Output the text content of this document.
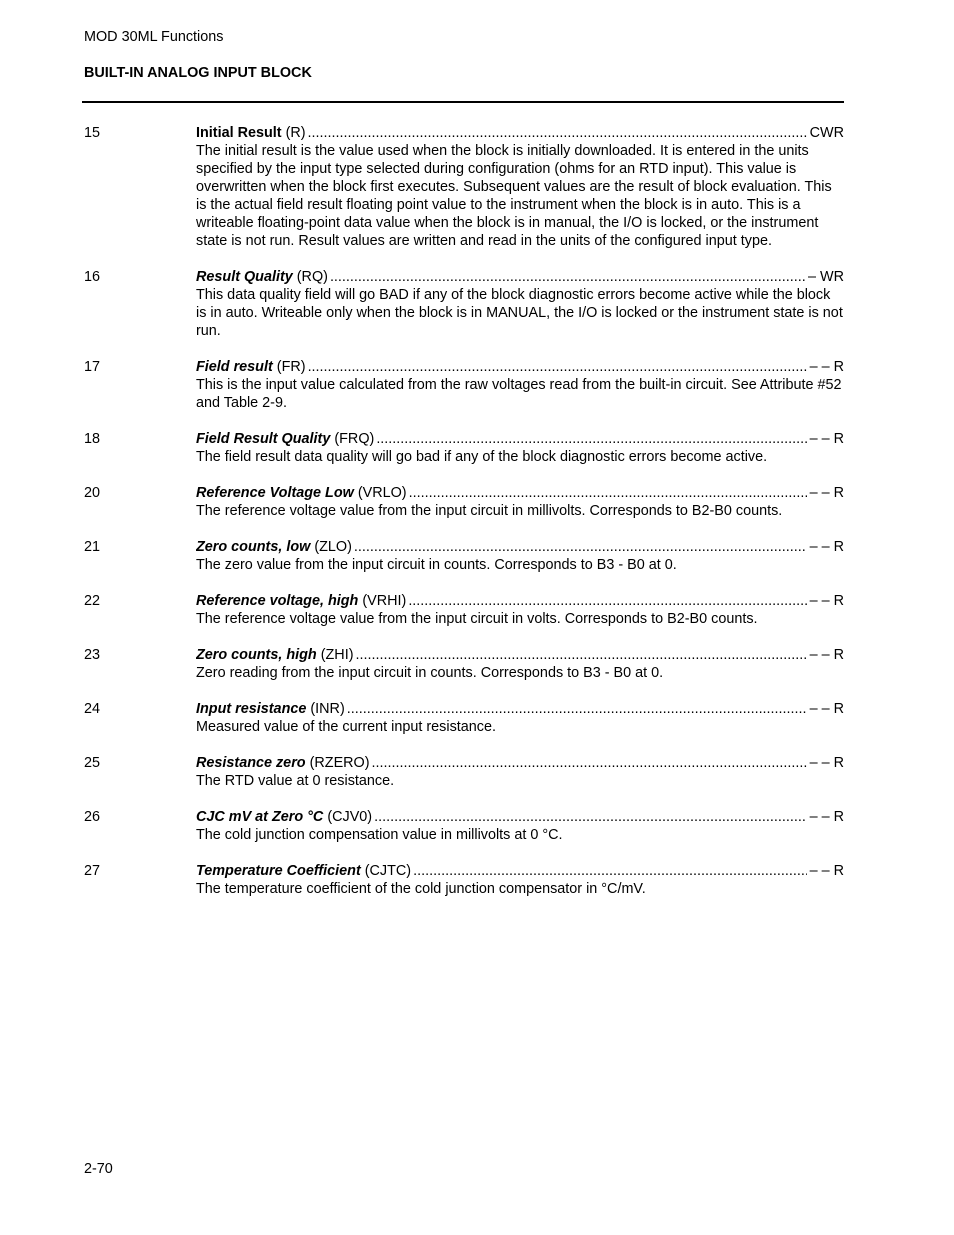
MOD 30ML Functions
BUILT-IN ANALOG INPUT BLOCK
15	Initial Result (R) .....	CWR
The initial result is the value used when the block is initially downloaded. It is entered in the units specified by the input type selected during configuration (ohms for an RTD input). This value is overwritten when the block first executes. Subsequent values are the result of block evaluation. This is the actual field result floating point value to the instrument when the block is in auto. This is a writeable floating-point data value when the block is in manual, the I/O is locked, or the instrument state is not run. Result values are written and read in the units of the configured input type.
16	Result Quality (RQ) .....	– WR
This data quality field will go BAD if any of the block diagnostic errors become active while the block is in auto. Writeable only when the block is in MANUAL, the I/O is locked or the instrument state is not run.
17	Field result (FR) .....	– – R
This is the input value calculated from the raw voltages read from the built-in circuit. See Attribute #52 and Table 2-9.
18	Field Result Quality (FRQ) .....	– – R
The field result data quality will go bad if any of the block diagnostic errors become active.
20	Reference Voltage Low (VRLO) .....	– – R
The reference voltage value from the input circuit in millivolts. Corresponds to B2-B0 counts.
21	Zero counts, low (ZLO) .....	– – R
The zero value from the input circuit in counts. Corresponds to B3 - B0 at 0.
22	Reference voltage, high (VRHI) .....	– – R
The reference voltage value from the input circuit in volts. Corresponds to B2-B0 counts.
23	Zero counts, high (ZHI) .....	– – R
Zero reading from the input circuit in counts. Corresponds to B3 - B0 at 0.
24	Input resistance (INR) .....	– – R
Measured value of the current input resistance.
25	Resistance zero (RZERO) .....	– – R
The RTD value at 0 resistance.
26	CJC mV at Zero °C (CJV0) .....	– – R
The cold junction compensation value in millivolts at 0 °C.
27	Temperature Coefficient (CJTC) .....	– – R
The temperature coefficient of the cold junction compensator in °C/mV.
2-70
